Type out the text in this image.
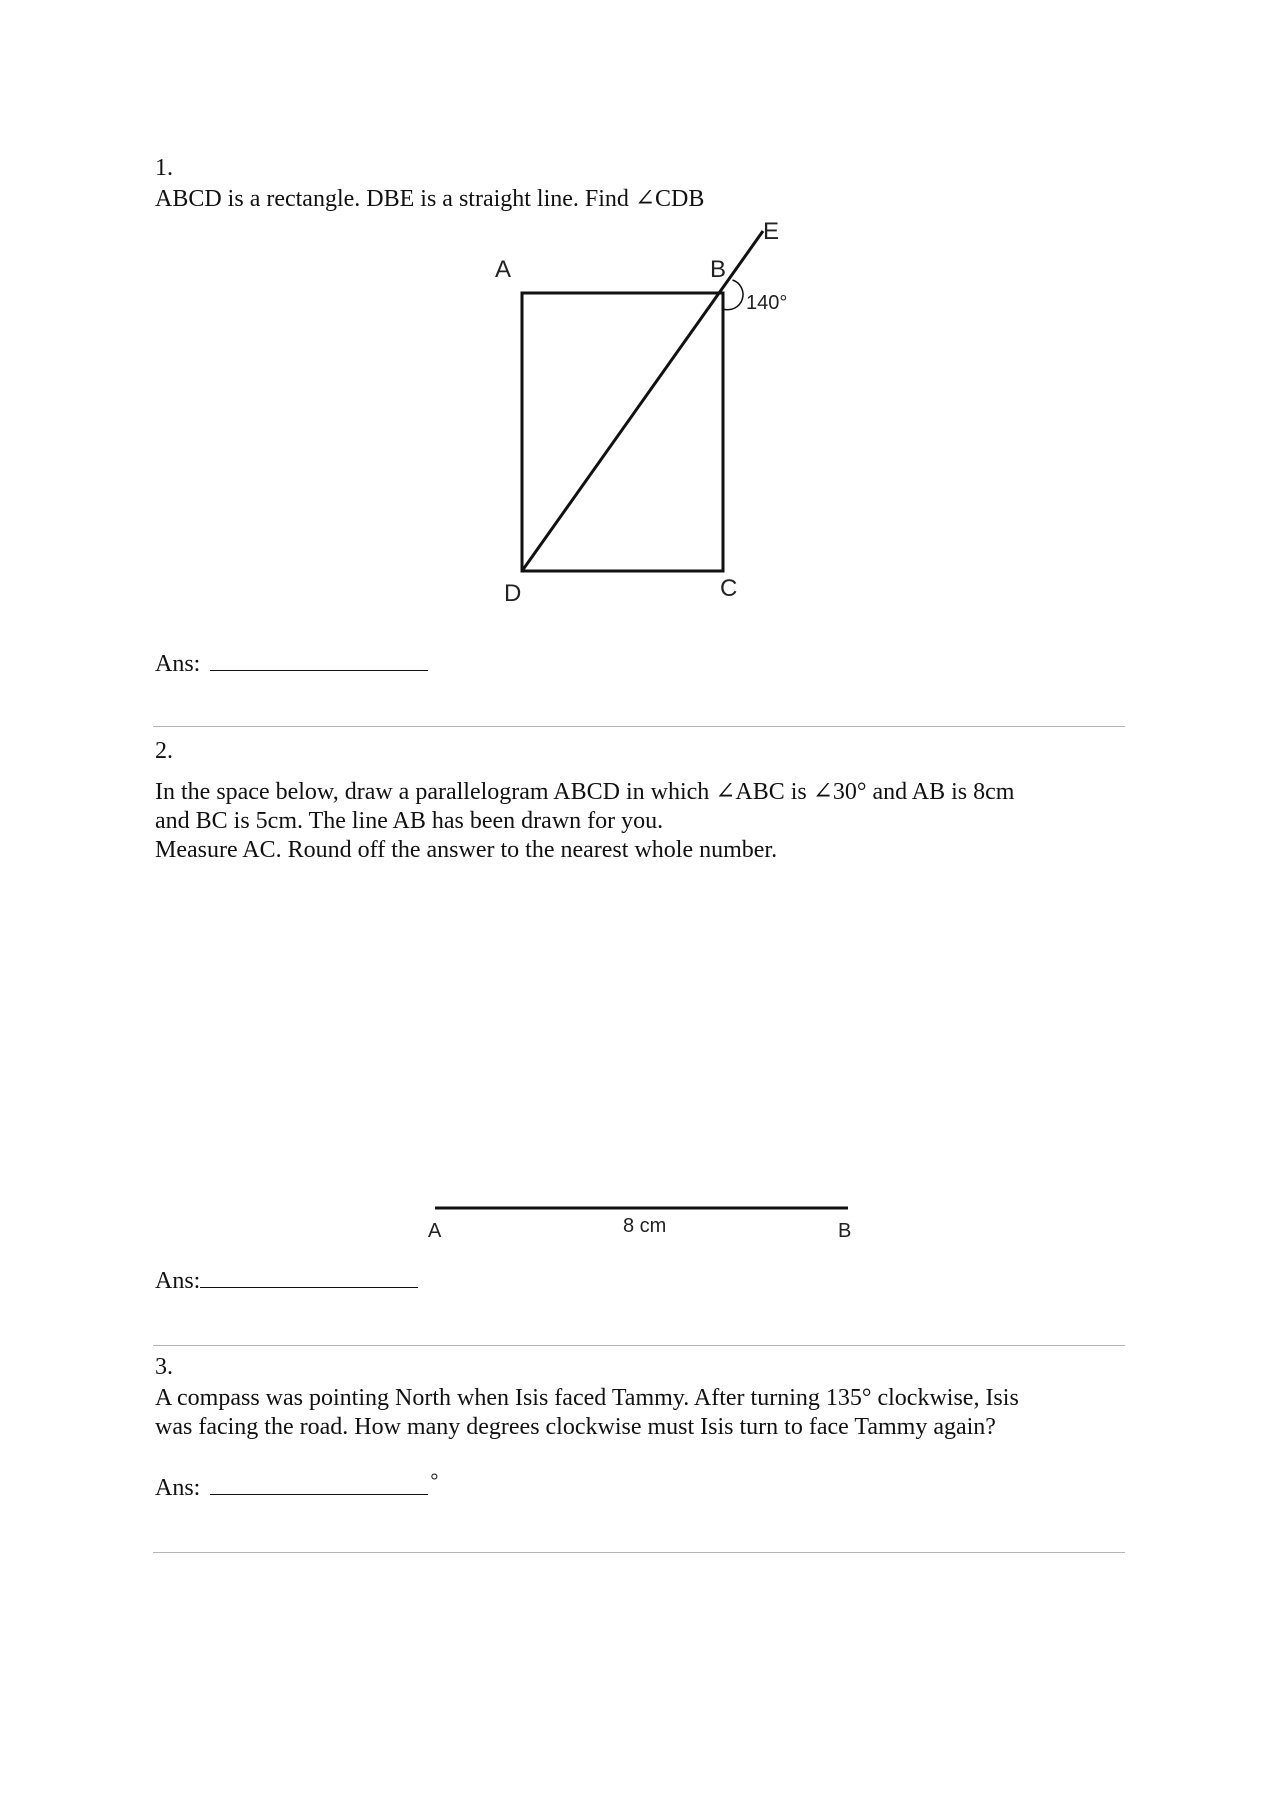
1.
ABCD is a rectangle. DBE is a straight line. Find ∠CDB
A	B
E
D	C
140°
Ans:
2.
In the space below, draw a parallelogram ABCD in which ∠ABC is ∠30° and AB is 8cm
and BC is 5cm. The line AB has been drawn for you.
Measure AC. Round off the answer to the nearest whole number.
A	8 cm	B
Ans:
3.
A compass was pointing North when Isis faced Tammy. After turning 135° clockwise, Isis
was facing the road. How many degrees clockwise must Isis turn to face Tammy again?
Ans:	°
